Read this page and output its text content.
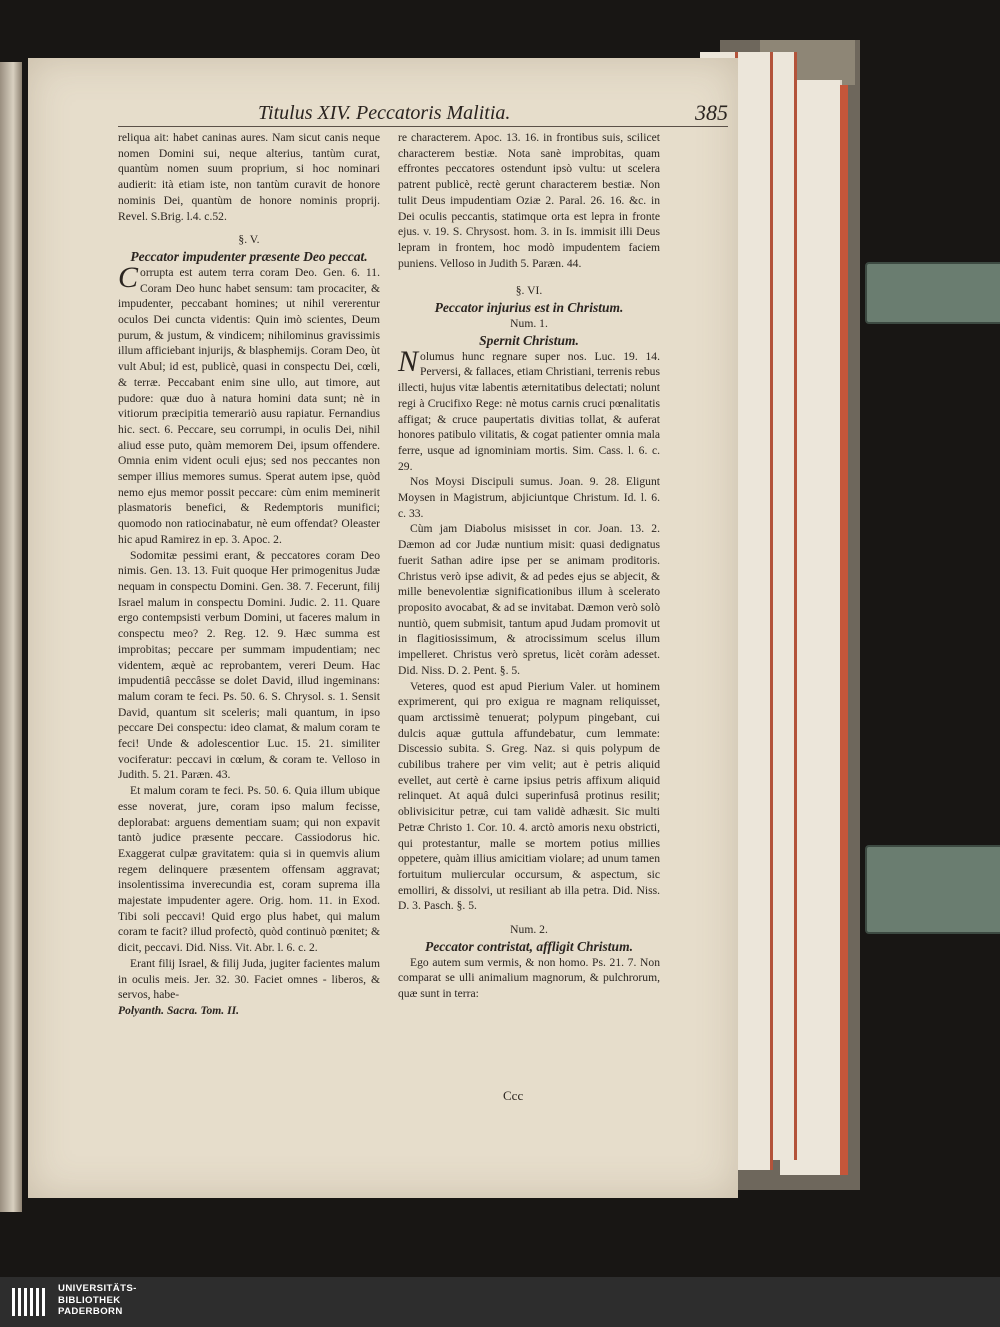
Titulus XIV. Peccatoris Malitia.	385

reliqua ait: habet caninas aures. Nam sicut canis neque nomen Domini sui, neque alterius, tantùm curat, quantùm nomen suum proprium, si hoc nominari audierit: ità etiam iste, non tantùm curavit de honore nominis Dei, quantùm de honore nominis proprij. Revel. S.Brig. l.4. c.52.

§. V.

Peccator impudenter præsente Deo peccat.

Corrupta est autem terra coram Deo. Gen. 6. 11. Coram Deo hunc habet sensum: tam procaciter, & impudenter, peccabant homines; ut nihil vererentur oculos Dei cuncta videntis: Quin imò scientes, Deum purum, & justum, & vindicem; nihilominus gravissimis illum afficiebant injurijs, & blasphemijs. Coram Deo, ùt vult Abul; id est, publicè, quasi in conspectu Dei, cœli, & terræ. Peccabant enim sine ullo, aut timore, aut pudore: quæ duo à natura homini data sunt; nè in vitiorum præcipitia temerariò ausu rapiatur. Fernandius hic. sect. 6. Peccare, seu corrumpi, in oculis Dei, nihil aliud esse puto, quàm memorem Dei, ipsum offendere. Omnia enim vident oculi ejus; sed nos peccantes non semper illius memores sumus. Sperat autem ipse, quòd nemo ejus memor possit peccare: cùm enim meminerit plasmatoris benefici, & Redemptoris munifici; quomodo non ratiocinabatur, nè eum offendat? Oleaster hic apud Ramirez in ep. 3. Apoc. 2.

Sodomitæ pessimi erant, & peccatores coram Deo nimis. Gen. 13. 13. Fuit quoque Her primogenitus Judæ nequam in conspectu Domini. Gen. 38. 7. Fecerunt, filij Israel malum in conspectu Domini. Judic. 2. 11. Quare ergo contempsisti verbum Domini, ut faceres malum in conspectu meo? 2. Reg. 12. 9. Hæc summa est improbitas; peccare per summam impudentiam; nec videntem, æquè ac reprobantem, vereri Deum. Hac impudentiâ peccâsse se dolet David, illud ingeminans: malum coram te feci. Ps. 50. 6. S. Chrysol. s. 1. Sensit David, quantum sit sceleris; mali quantum, in ipso peccare Dei conspectu: ideo clamat, & malum coram te feci! Unde & adolescentior Luc. 15. 21. similiter vociferatur: peccavi in cœlum, & coram te. Velloso in Judith. 5. 21. Paræn. 43.

Et malum coram te feci. Ps. 50. 6. Quia illum ubique esse noverat, jure, coram ipso malum fecisse, deplorabat: arguens dementiam suam; qui non expavit tantò judice præsente peccare. Cassiodorus hic. Exaggerat culpæ gravitatem: quia si in quemvis alium regem delinquere præsentem offensam aggravat; insolentissima inverecundia est, coram suprema illa majestate impudenter agere. Orig. hom. 11. in Exod. Tibi soli peccavi! Quid ergo plus habet, qui malum coram te facit? illud profectò, quòd continuò pœnitet; & dicit, peccavi. Did. Niss. Vit. Abr. l. 6. c. 2.

Erant filij Israel, & filij Juda, jugiter facientes malum in oculis meis. Jer. 32. 30. Faciet omnes - liberos, & servos, habe-

Polyanth. Sacra. Tom. II.

re characterem. Apoc. 13. 16. in frontibus suis, scilicet characterem bestiæ. Nota sanè improbitas, quam effrontes peccatores ostendunt ipsò vultu: ut scelera patrent publicè, rectè gerunt characterem bestiæ. Non tulit Deus impudentiam Oziæ 2. Paral. 26. 16. &c. in Dei oculis peccantis, statimque orta est lepra in fronte ejus. v. 19. S. Chrysost. hom. 3. in Is. immisit illi Deus lepram in frontem, hoc modò impudentem faciem puniens. Velloso in Judith 5. Paræn. 44.

§. VI.

Peccator injurius est in Christum.

Num. 1.

Spernit Christum.

Nolumus hunc regnare super nos. Luc. 19. 14. Perversi, & fallaces, etiam Christiani, terrenis rebus illecti, hujus vitæ labentis æternitatibus delectati; nolunt regi à Crucifixo Rege: nè motus carnis cruci pœnalitatis affigat; & cruce paupertatis divitias tollat, & auferat honores patibulo vilitatis, & cogat patienter omnia mala ferre, usque ad ignominiam mortis. Sim. Cass. l. 6. c. 29.

Nos Moysi Discipuli sumus. Joan. 9. 28. Eligunt Moysen in Magistrum, abjiciuntque Christum. Id. l. 6. c. 33.

Cùm jam Diabolus misisset in cor. Joan. 13. 2. Dæmon ad cor Judæ nuntium misit: quasi dedignatus fuerit Sathan adire ipse per se animam proditoris. Christus verò ipse adivit, & ad pedes ejus se abjecit, & mille benevolentiæ significationibus illum à scelerato proposito avocabat, & ad se invitabat. Dæmon verò solò nuntiò, quem submisit, tantum apud Judam promovit ut in flagitiosissimum, & atrocissimum scelus illum impelleret. Christus verò spretus, licèt coràm adesset. Did. Niss. D. 2. Pent. §. 5.

Veteres, quod est apud Pierium Valer. ut hominem exprimerent, qui pro exigua re magnam reliquisset, quam arctissimè tenuerat; polypum pingebant, cui dulcis aquæ guttula affundebatur, cum lemmate: Discessio subita. S. Greg. Naz. si quis polypum de cubilibus trahere per vim velit; aut è petris aliquid evellet, aut certè è carne ipsius petris affixum aliquid relinquet. At aquâ dulci superinfusâ protinus resilit; oblivisicitur petræ, cui tam validè adhæsit. Sic multi Petræ Christo 1. Cor. 10. 4. arctò amoris nexu obstricti, qui protestantur, malle se mortem potius millies oppetere, quàm illius amicitiam violare; ad unum tamen fortuitum muliercular occursum, & aspectum, sic emolliri, & dissolvi, ut resiliant ab illa petra. Did. Niss. D. 3. Pasch. §. 5.

Num. 2.

Peccator contristat, affligit Christum.

Ego autem sum vermis, & non homo. Ps. 21. 7. Non comparat se ulli animalium magnorum, & pulchrorum, quæ sunt in terra:

Ccc
UNIVERSITÄTS-
BIBLIOTHEK
PADERBORN
